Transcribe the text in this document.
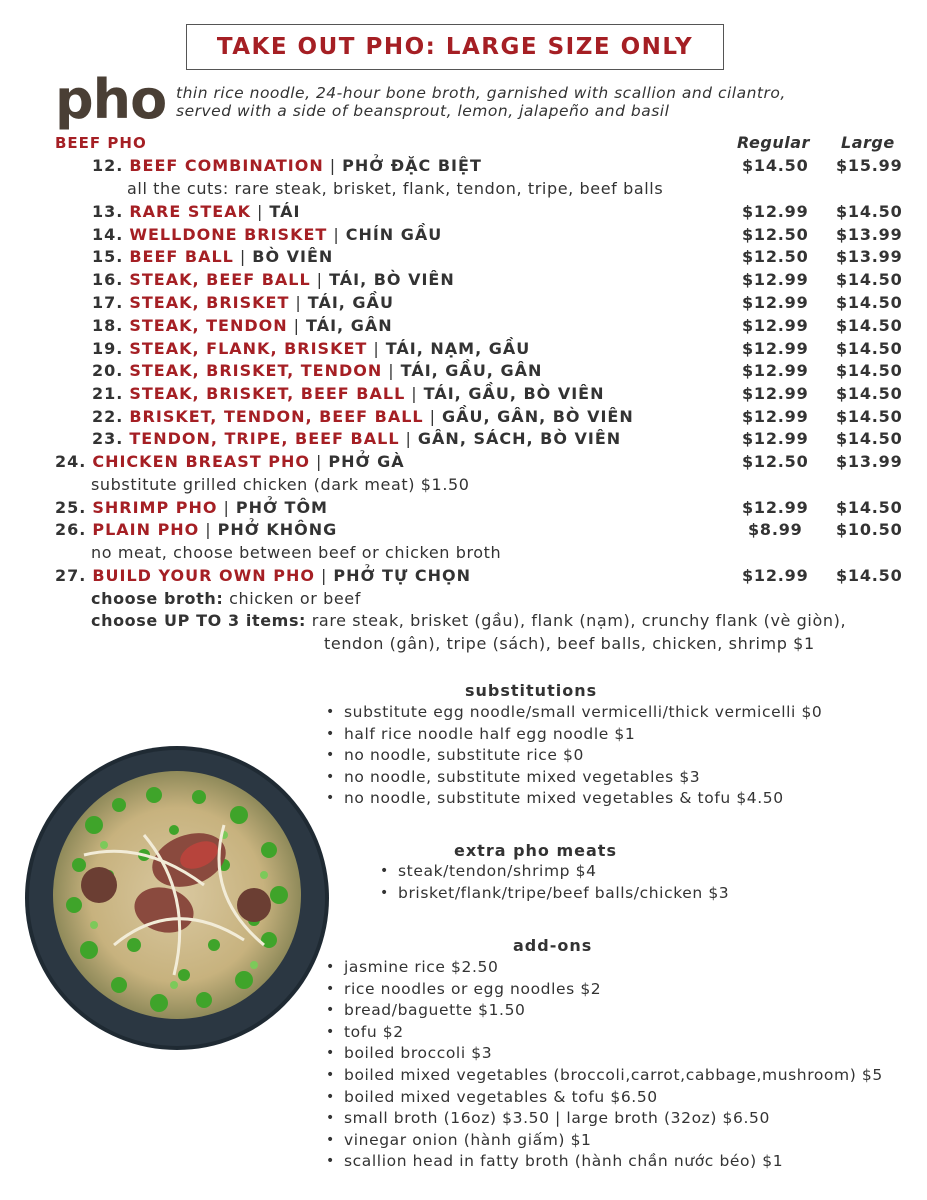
TAKE OUT PHO: LARGE SIZE ONLY
pho thin rice noodle, 24-hour bone broth, garnished with scallion and cilantro,
served with a side of beansprout, lemon, jalapeño and basil
BEEF PHO	Regular Large
12. BEEF COMBINATION | PHỞ ĐẶC BIỆT	$14.50 $15.99
all the cuts: rare steak, brisket, flank, tendon, tripe, beef balls
13. RARE STEAK | TÁI	$12.99 $14.50
14. WELLDONE BRISKET | CHÍN GẦU	$12.50 $13.99
15. BEEF BALL | BÒ VIÊN	$12.50 $13.99
16. STEAK, BEEF BALL | TÁI, BÒ VIÊN	$12.99 $14.50
17. STEAK, BRISKET | TÁI, GẦU	$12.99 $14.50
18. STEAK, TENDON | TÁI, GÂN	$12.99 $14.50
19. STEAK, FLANK, BRISKET | TÁI, NẠM, GẦU	$12.99 $14.50
20. STEAK, BRISKET, TENDON | TÁI, GẦU, GÂN	$12.99 $14.50
21. STEAK, BRISKET, BEEF BALL | TÁI, GẦU, BÒ VIÊN	$12.99 $14.50
22. BRISKET, TENDON, BEEF BALL | GẦU, GÂN, BÒ VIÊN	$12.99 $14.50
23. TENDON, TRIPE, BEEF BALL | GÂN, SÁCH, BÒ VIÊN	$12.99 $14.50
24. CHICKEN BREAST PHO | PHỞ GÀ	$12.50 $13.99
substitute grilled chicken (dark meat) $1.50
25. SHRIMP PHO | PHỞ TÔM	$12.99 $14.50
26. PLAIN PHO | PHỞ KHÔNG	$8.99 $10.50
no meat, choose between beef or chicken broth
27. BUILD YOUR OWN PHO | PHỞ TỰ CHỌN	$12.99 $14.50
choose broth: chicken or beef
choose UP TO 3 items: rare steak, brisket (gầu), flank (nạm), crunchy flank (vè giòn),
tendon (gân), tripe (sách), beef balls, chicken, shrimp $1
substitutions
• substitute egg noodle/small vermicelli/thick vermicelli $0
• half rice noodle half egg noodle $1
• no noodle, substitute rice $0
• no noodle, substitute mixed vegetables $3
• no noodle, substitute mixed vegetables & tofu $4.50
extra pho meats
• steak/tendon/shrimp $4
• brisket/flank/tripe/beef balls/chicken $3
add-ons
• jasmine rice $2.50
• rice noodles or egg noodles $2
• bread/baguette $1.50
• tofu $2
• boiled broccoli $3
• boiled mixed vegetables (broccoli,carrot,cabbage,mushroom) $5
• boiled mixed vegetables & tofu $6.50
• small broth (16oz) $3.50 | large broth (32oz) $6.50
• vinegar onion (hành giấm) $1
• scallion head in fatty broth (hành chần nước béo) $1
